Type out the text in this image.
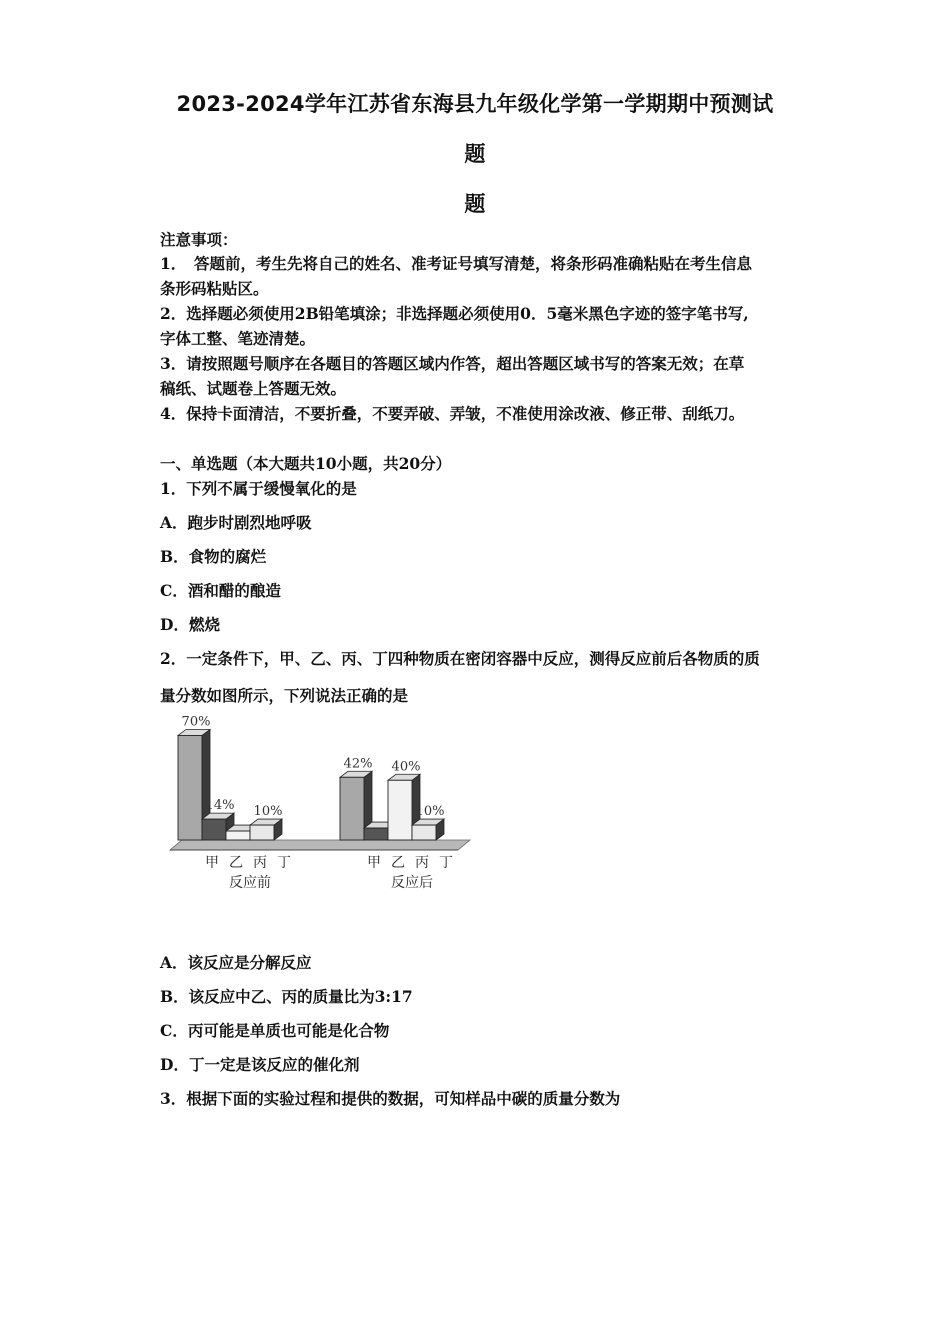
2023-2024学年江苏省东海县九年级化学第一学期期中预测试
题
题
注意事项：
1．　答题前，考生先将自己的姓名、准考证号填写清楚，将条形码准确粘贴在考生信息
条形码粘贴区。
2．选择题必须使用2B铅笔填涂；非选择题必须使用0．5毫米黑色字迹的签字笔书写,
字体工整、笔迹清楚。
3．请按照题号顺序在各题目的答题区域内作答，超出答题区域书写的答案无效；在草
稿纸、试题卷上答题无效。
4．保持卡面清洁，不要折叠，不要弄破、弄皱，不准使用涂改液、修正带、刮纸刀。
一、单选题（本大题共10小题，共20分）
1．下列不属于缓慢氧化的是
A．跑步时剧烈地呼吸
B．食物的腐烂
C．酒和醋的酿造
D．燃烧
2．一定条件下，甲、乙、丙、丁四种物质在密闭容器中反应，测得反应前后各物质的质
量分数如图所示，下列说法正确的是
70%
14% 10%
甲 乙 丙 丁
反应前
42% 40%
10%
甲 乙 丙 丁
反应后
A．该反应是分解反应
B．该反应中乙、丙的质量比为3:17
C．丙可能是单质也可能是化合物
D．丁一定是该反应的催化剂
3．根据下面的实验过程和提供的数据，可知样品中碳的质量分数为
